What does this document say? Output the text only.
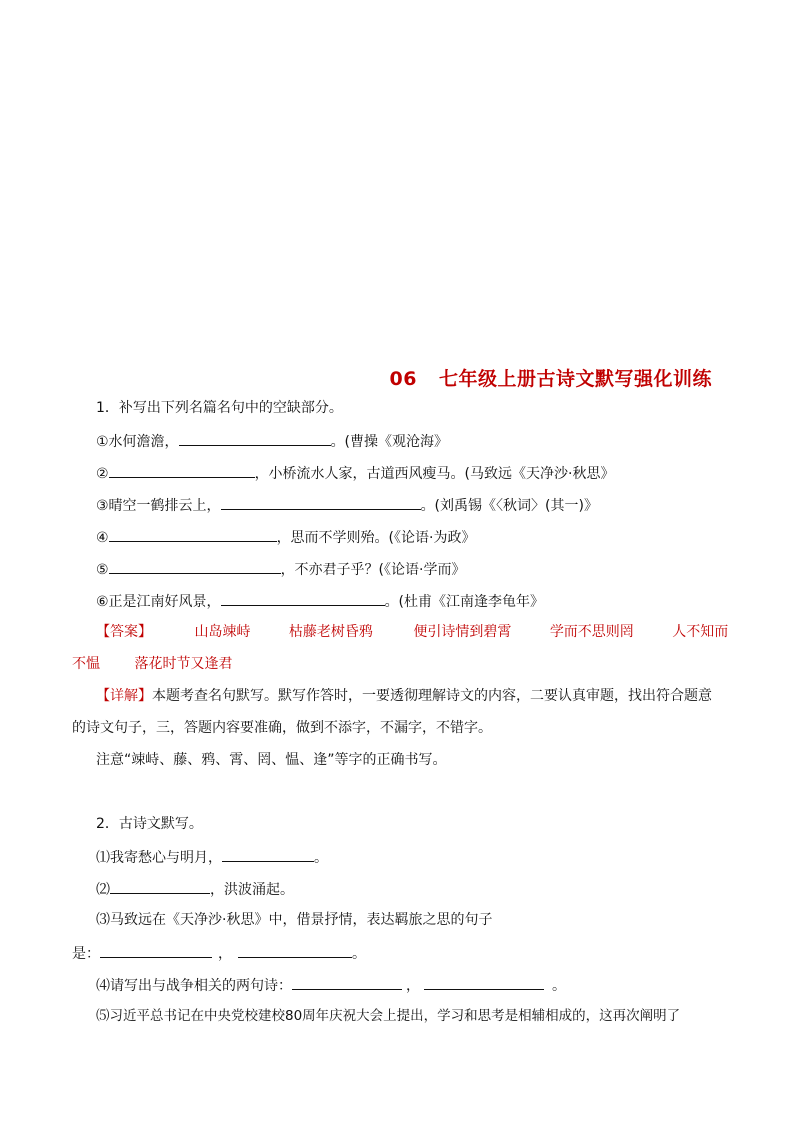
06 七年级上册古诗文默写强化训练
1．补写出下列名篇名句中的空缺部分。
①水何澹澹，	。(曹操《观沧海》
②	，小桥流水人家，古道西风瘦马。(马致远《天净沙·秋思》
③晴空一鹤排云上，	。(刘禹锡《〈秋词〉(其一)》
④	，思而不学则殆。(《论语·为政》
⑤	，不亦君子乎？(《论语·学而》
⑥正是江南好风景，	。(杜甫《江南逢李龟年》
【答案】	山岛竦峙	枯藤老树昏鸦	便引诗情到碧霄	学而不思则罔	人不知而
不愠 落花时节又逢君
【详解】本题考查名句默写。默写作答时，一要透彻理解诗文的内容，二要认真审题，找出符合题意
的诗文句子，三，答题内容要准确，做到不添字，不漏字，不错字。
注意“竦峙、藤、鸦、霄、罔、愠、逢”等字的正确书写。
2．古诗文默写。
⑴我寄愁心与明月，	。
⑵	，洪波涌起。
⑶马致远在《天净沙·秋思》中，借景抒情，表达羁旅之思的句子
是：	，	。
⑷请写出与战争相关的两句诗：	，	。
⑸习近平总书记在中央党校建校80周年庆祝大会上提出，学习和思考是相辅相成的，这再次阐明了
